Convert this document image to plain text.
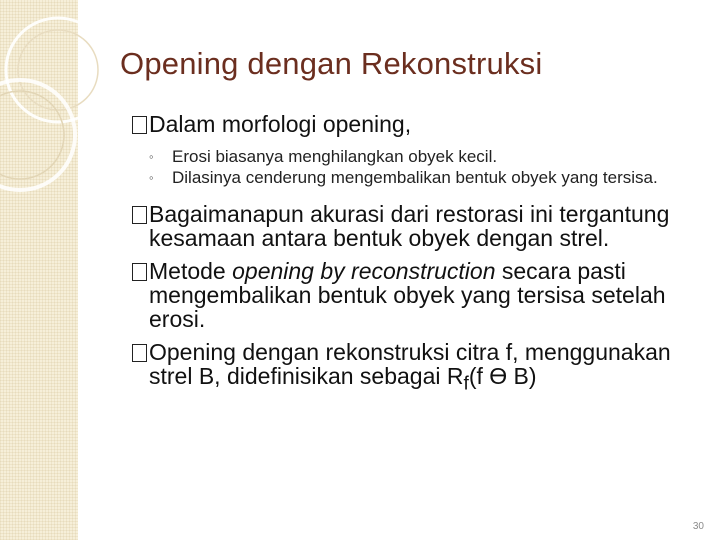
Opening dengan Rekonstruksi
Dalam morfologi opening,
◦ Erosi biasanya menghilangkan obyek kecil.
◦ Dilasinya cenderung mengembalikan bentuk obyek yang tersisa.
Bagaimanapun akurasi dari restorasi ini tergantung kesamaan antara bentuk obyek dengan strel.
Metode opening by reconstruction secara pasti mengembalikan bentuk obyek yang tersisa setelah erosi.
Opening dengan rekonstruksi citra f, menggunakan strel B, didefinisikan sebagai $R_f(f$ Ɵ B)
30
